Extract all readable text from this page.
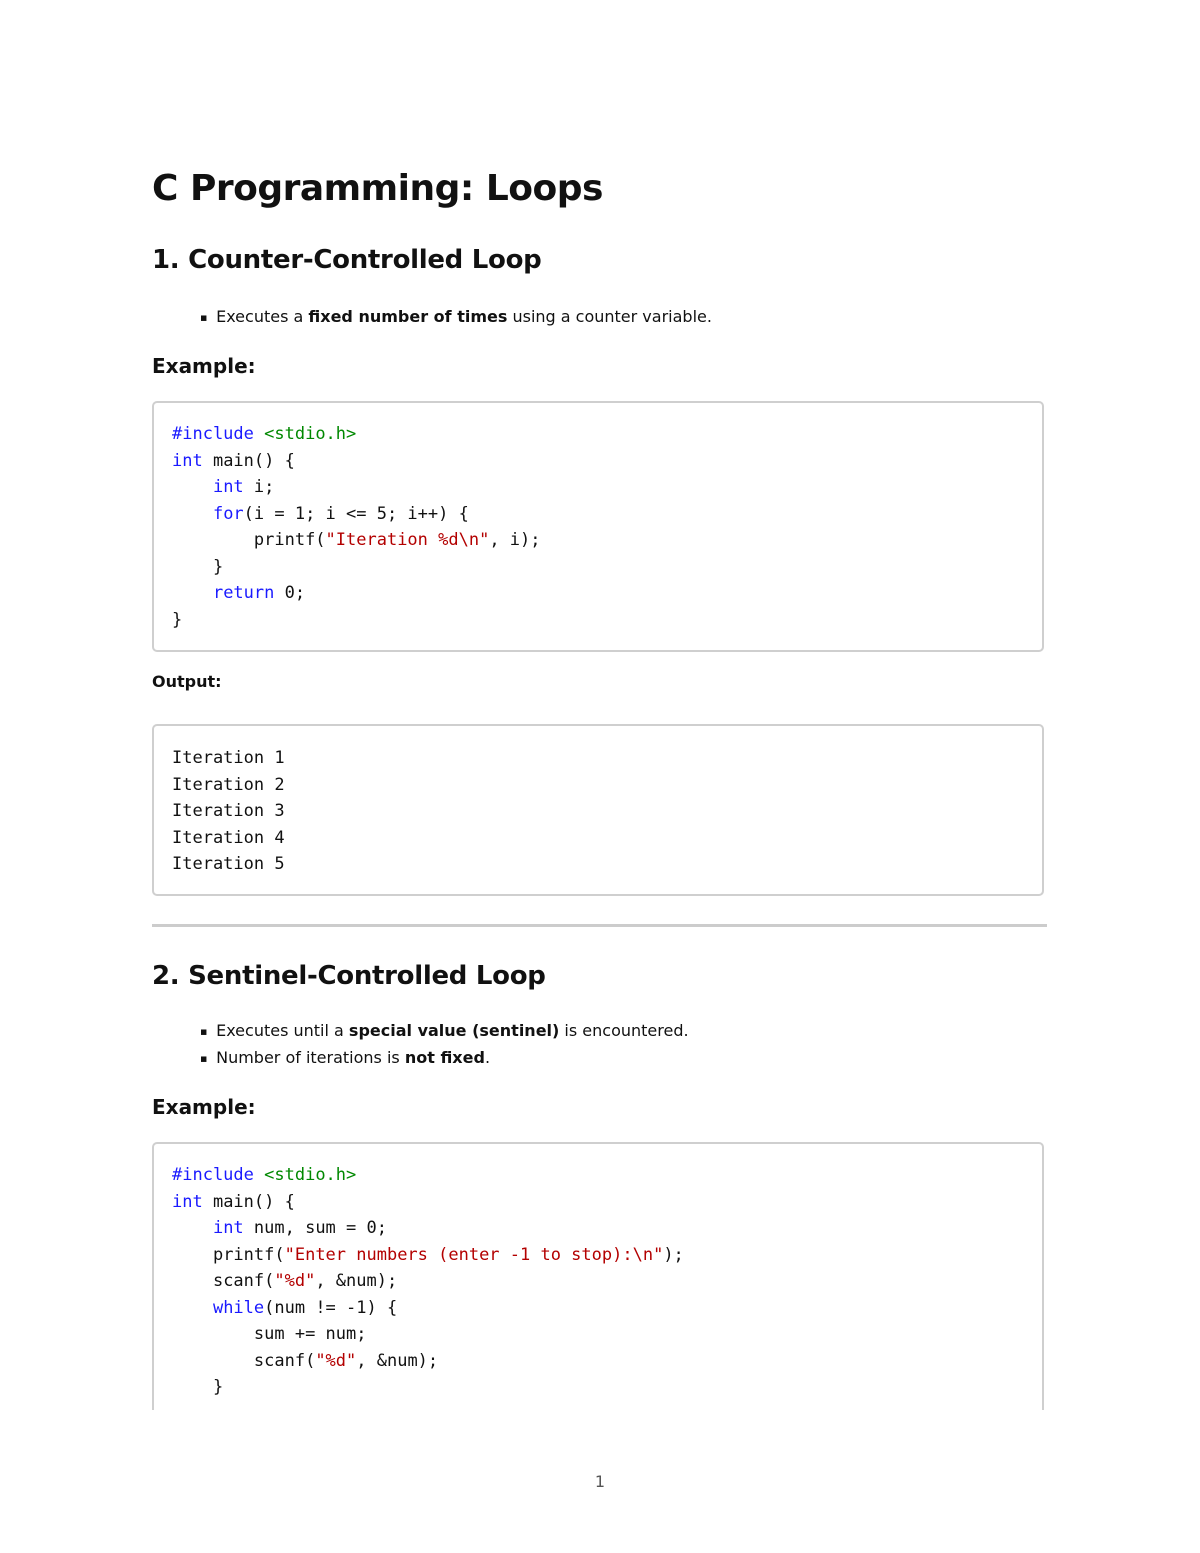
C Programming: Loops
1. Counter-Controlled Loop
▪ Executes a fixed number of times using a counter variable.
Example:
#include <stdio.h>
int main() {
int i;
for(i = 1; i <= 5; i++) {
printf("Iteration %d\n", i);
}
return 0;
}
Output:
Iteration 1
Iteration 2
Iteration 3
Iteration 4
Iteration 5
2. Sentinel-Controlled Loop
▪ Executes until a special value (sentinel) is encountered.
▪ Number of iterations is not fixed.
Example:
#include <stdio.h>
int main() {
int num, sum = 0;
printf("Enter numbers (enter -1 to stop):\n");
scanf("%d", &num);
while(num != -1) {
sum += num;
scanf("%d", &num);
}
1
